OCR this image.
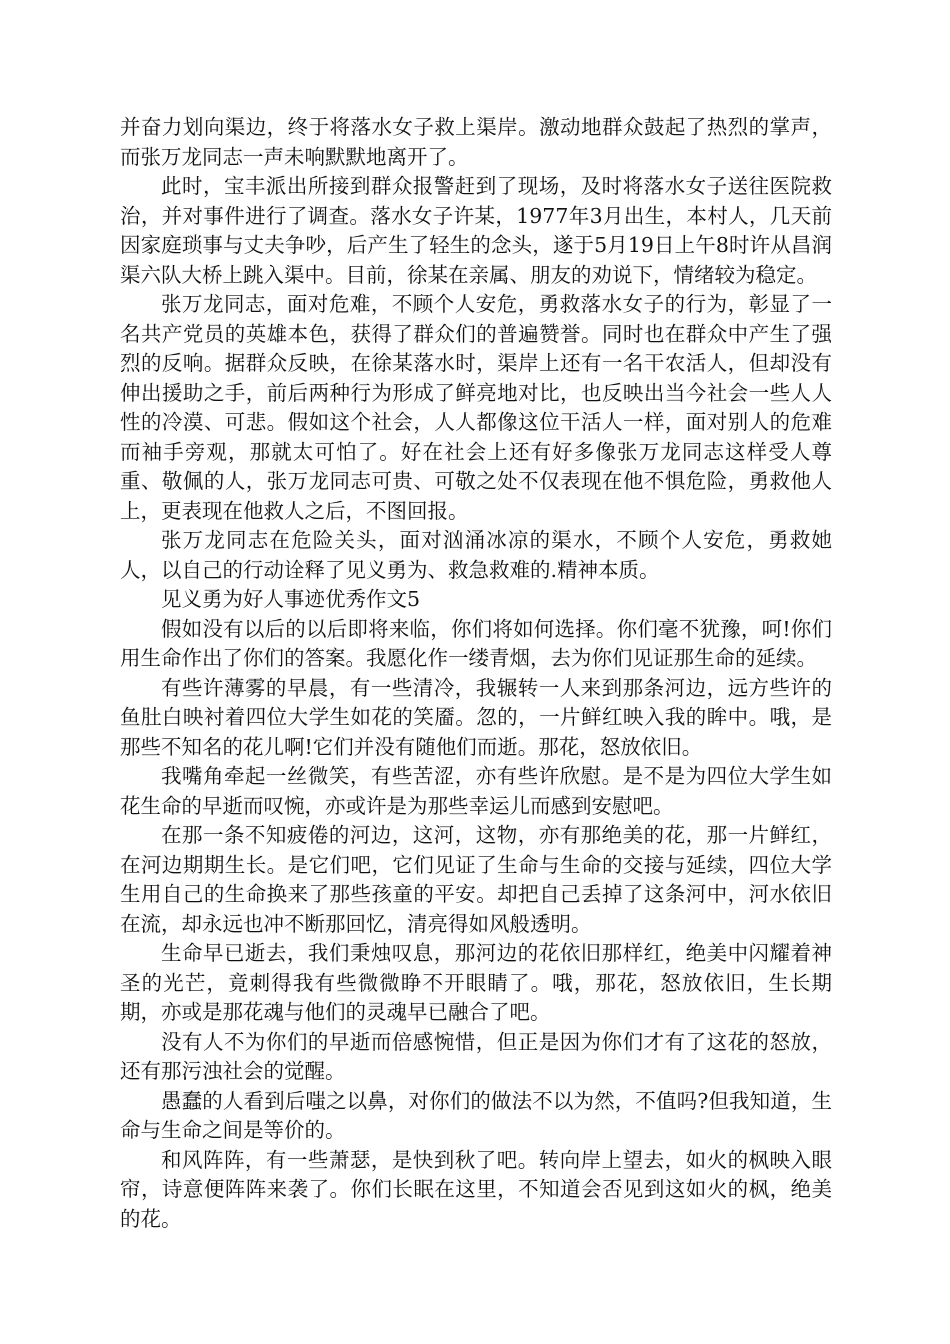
并奋力划向渠边，终于将落水女子救上渠岸。激动地群众鼓起了热烈的掌声，而张万龙同志一声未响默默地离开了。

此时，宝丰派出所接到群众报警赶到了现场，及时将落水女子送往医院救治，并对事件进行了调查。落水女子许某，1977年3月出生，本村人，几天前因家庭琐事与丈夫争吵，后产生了轻生的念头，遂于5月19日上午8时许从昌润渠六队大桥上跳入渠中。目前，徐某在亲属、朋友的劝说下，情绪较为稳定。

张万龙同志，面对危难，不顾个人安危，勇救落水女子的行为，彰显了一名共产党员的英雄本色，获得了群众们的普遍赞誉。同时也在群众中产生了强烈的反响。据群众反映，在徐某落水时，渠岸上还有一名干农活人，但却没有伸出援助之手，前后两种行为形成了鲜亮地对比，也反映出当今社会一些人人性的冷漠、可悲。假如这个社会，人人都像这位干活人一样，面对别人的危难而袖手旁观，那就太可怕了。好在社会上还有好多像张万龙同志这样受人尊重、敬佩的人，张万龙同志可贵、可敬之处不仅表现在他不惧危险，勇救他人上，更表现在他救人之后，不图回报。

张万龙同志在危险关头，面对汹涌冰凉的渠水，不顾个人安危，勇救她人，以自己的行动诠释了见义勇为、救急救难的.精神本质。

见义勇为好人事迹优秀作文5

假如没有以后的以后即将来临，你们将如何选择。你们毫不犹豫，呵!你们用生命作出了你们的答案。我愿化作一缕青烟，去为你们见证那生命的延续。

有些许薄雾的早晨，有一些清冷，我辗转一人来到那条河边，远方些许的鱼肚白映衬着四位大学生如花的笑靥。忽的，一片鲜红映入我的眸中。哦，是那些不知名的花儿啊!它们并没有随他们而逝。那花，怒放依旧。

我嘴角牵起一丝微笑，有些苦涩，亦有些许欣慰。是不是为四位大学生如花生命的早逝而叹惋，亦或许是为那些幸运儿而感到安慰吧。

在那一条不知疲倦的河边，这河，这物，亦有那绝美的花，那一片鲜红，在河边期期生长。是它们吧，它们见证了生命与生命的交接与延续，四位大学生用自己的生命换来了那些孩童的平安。却把自己丢掉了这条河中，河水依旧在流，却永远也冲不断那回忆，清亮得如风般透明。

生命早已逝去，我们秉烛叹息，那河边的花依旧那样红，绝美中闪耀着神圣的光芒，竟刺得我有些微微睁不开眼睛了。哦，那花，怒放依旧，生长期期，亦或是那花魂与他们的灵魂早已融合了吧。

没有人不为你们的早逝而倍感惋惜，但正是因为你们才有了这花的怒放，还有那污浊社会的觉醒。

愚蠢的人看到后嗤之以鼻，对你们的做法不以为然，不值吗?但我知道，生命与生命之间是等价的。

和风阵阵，有一些萧瑟，是快到秋了吧。转向岸上望去，如火的枫映入眼帘，诗意便阵阵来袭了。你们长眠在这里，不知道会否见到这如火的枫，绝美的花。
